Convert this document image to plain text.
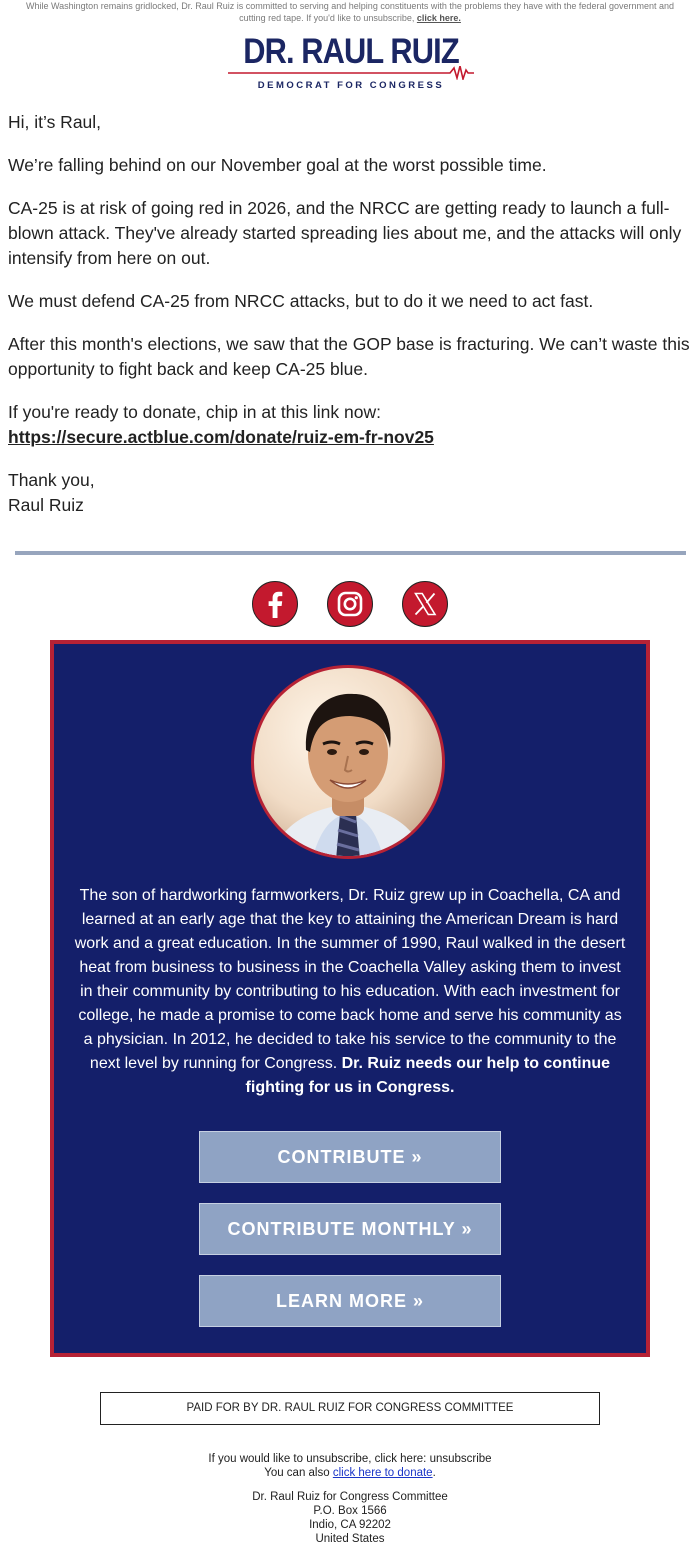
While Washington remains gridlocked, Dr. Raul Ruiz is committed to serving and helping constituents with the problems they have with the federal government and cutting red tape. If you'd like to unsubscribe, click here.
DR. RAUL RUIZ
DEMOCRAT FOR CONGRESS

Hi, it’s Raul,

We’re falling behind on our November goal at the worst possible time.

CA-25 is at risk of going red in 2026, and the NRCC are getting ready to launch a full-blown attack. They've already started spreading lies about me, and the attacks will only intensify from here on out.

We must defend CA-25 from NRCC attacks, but to do it we need to act fast.

After this month's elections, we saw that the GOP base is fracturing. We can’t waste this opportunity to fight back and keep CA-25 blue.

If you're ready to donate, chip in at this link now:
https://secure.actblue.com/donate/ruiz-em-fr-nov25

Thank you,
Raul Ruiz

The son of hardworking farmworkers, Dr. Ruiz grew up in Coachella, CA and learned at an early age that the key to attaining the American Dream is hard work and a great education. In the summer of 1990, Raul walked in the desert heat from business to business in the Coachella Valley asking them to invest in their community by contributing to his education. With each investment for college, he made a promise to come back home and serve his community as a physician. In 2012, he decided to take his service to the community to the next level by running for Congress. Dr. Ruiz needs our help to continue fighting for us in Congress.
CONTRIBUTE »
CONTRIBUTE MONTHLY »
LEARN MORE »
PAID FOR BY DR. RAUL RUIZ FOR CONGRESS COMMITTEE
If you would like to unsubscribe, click here: unsubscribe
You can also click here to donate.
Dr. Raul Ruiz for Congress Committee
P.O. Box 1566
Indio, CA 92202
United States
